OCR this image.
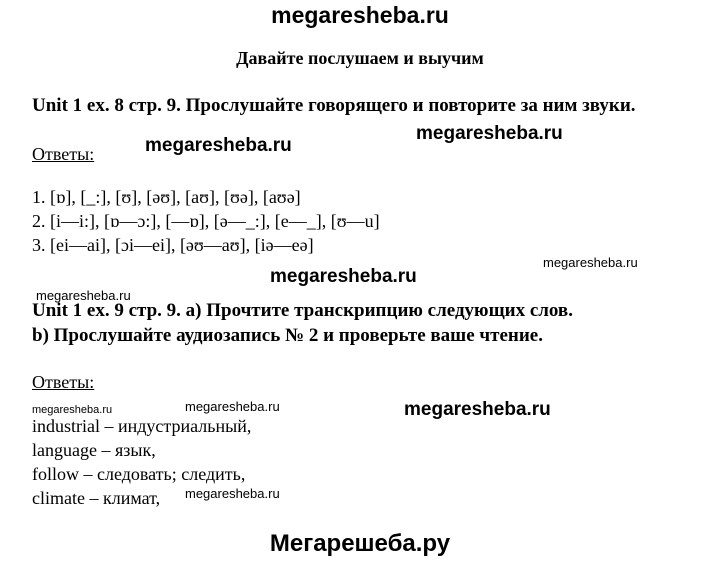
megaresheba.ru
Давайте послушаем и выучим
Unit 1 ex. 8 стр. 9. Прослушайте говорящего и повторите за ним звуки.
Ответы:
1. [ɒ], [_:], [ʊ], [əʊ], [aʊ], [ʊə], [aʊə]
2. [i—i:], [ɒ—ɔ:], [—ɒ], [ə—_:], [e—_], [ʊ—u]
3. [ei—ai], [ɔi—ei], [əʊ—aʊ], [iə—eə]
Unit 1 ex. 9 стр. 9. a) Прочтите транскрипцию следующих слов.
b) Прослушайте аудиозапись № 2 и проверьте ваше чтение.
Ответы:
industrial – индустриальный,
language – язык,
follow – следовать; следить,
climate – климат,
megaresheba.ru
megaresheba.ru
megaresheba.ru
megaresheba.ru
megaresheba.ru
megaresheba.ru
megaresheba.ru	megaresheba.ru
megaresheba.ru
Мегарешеба.ру
